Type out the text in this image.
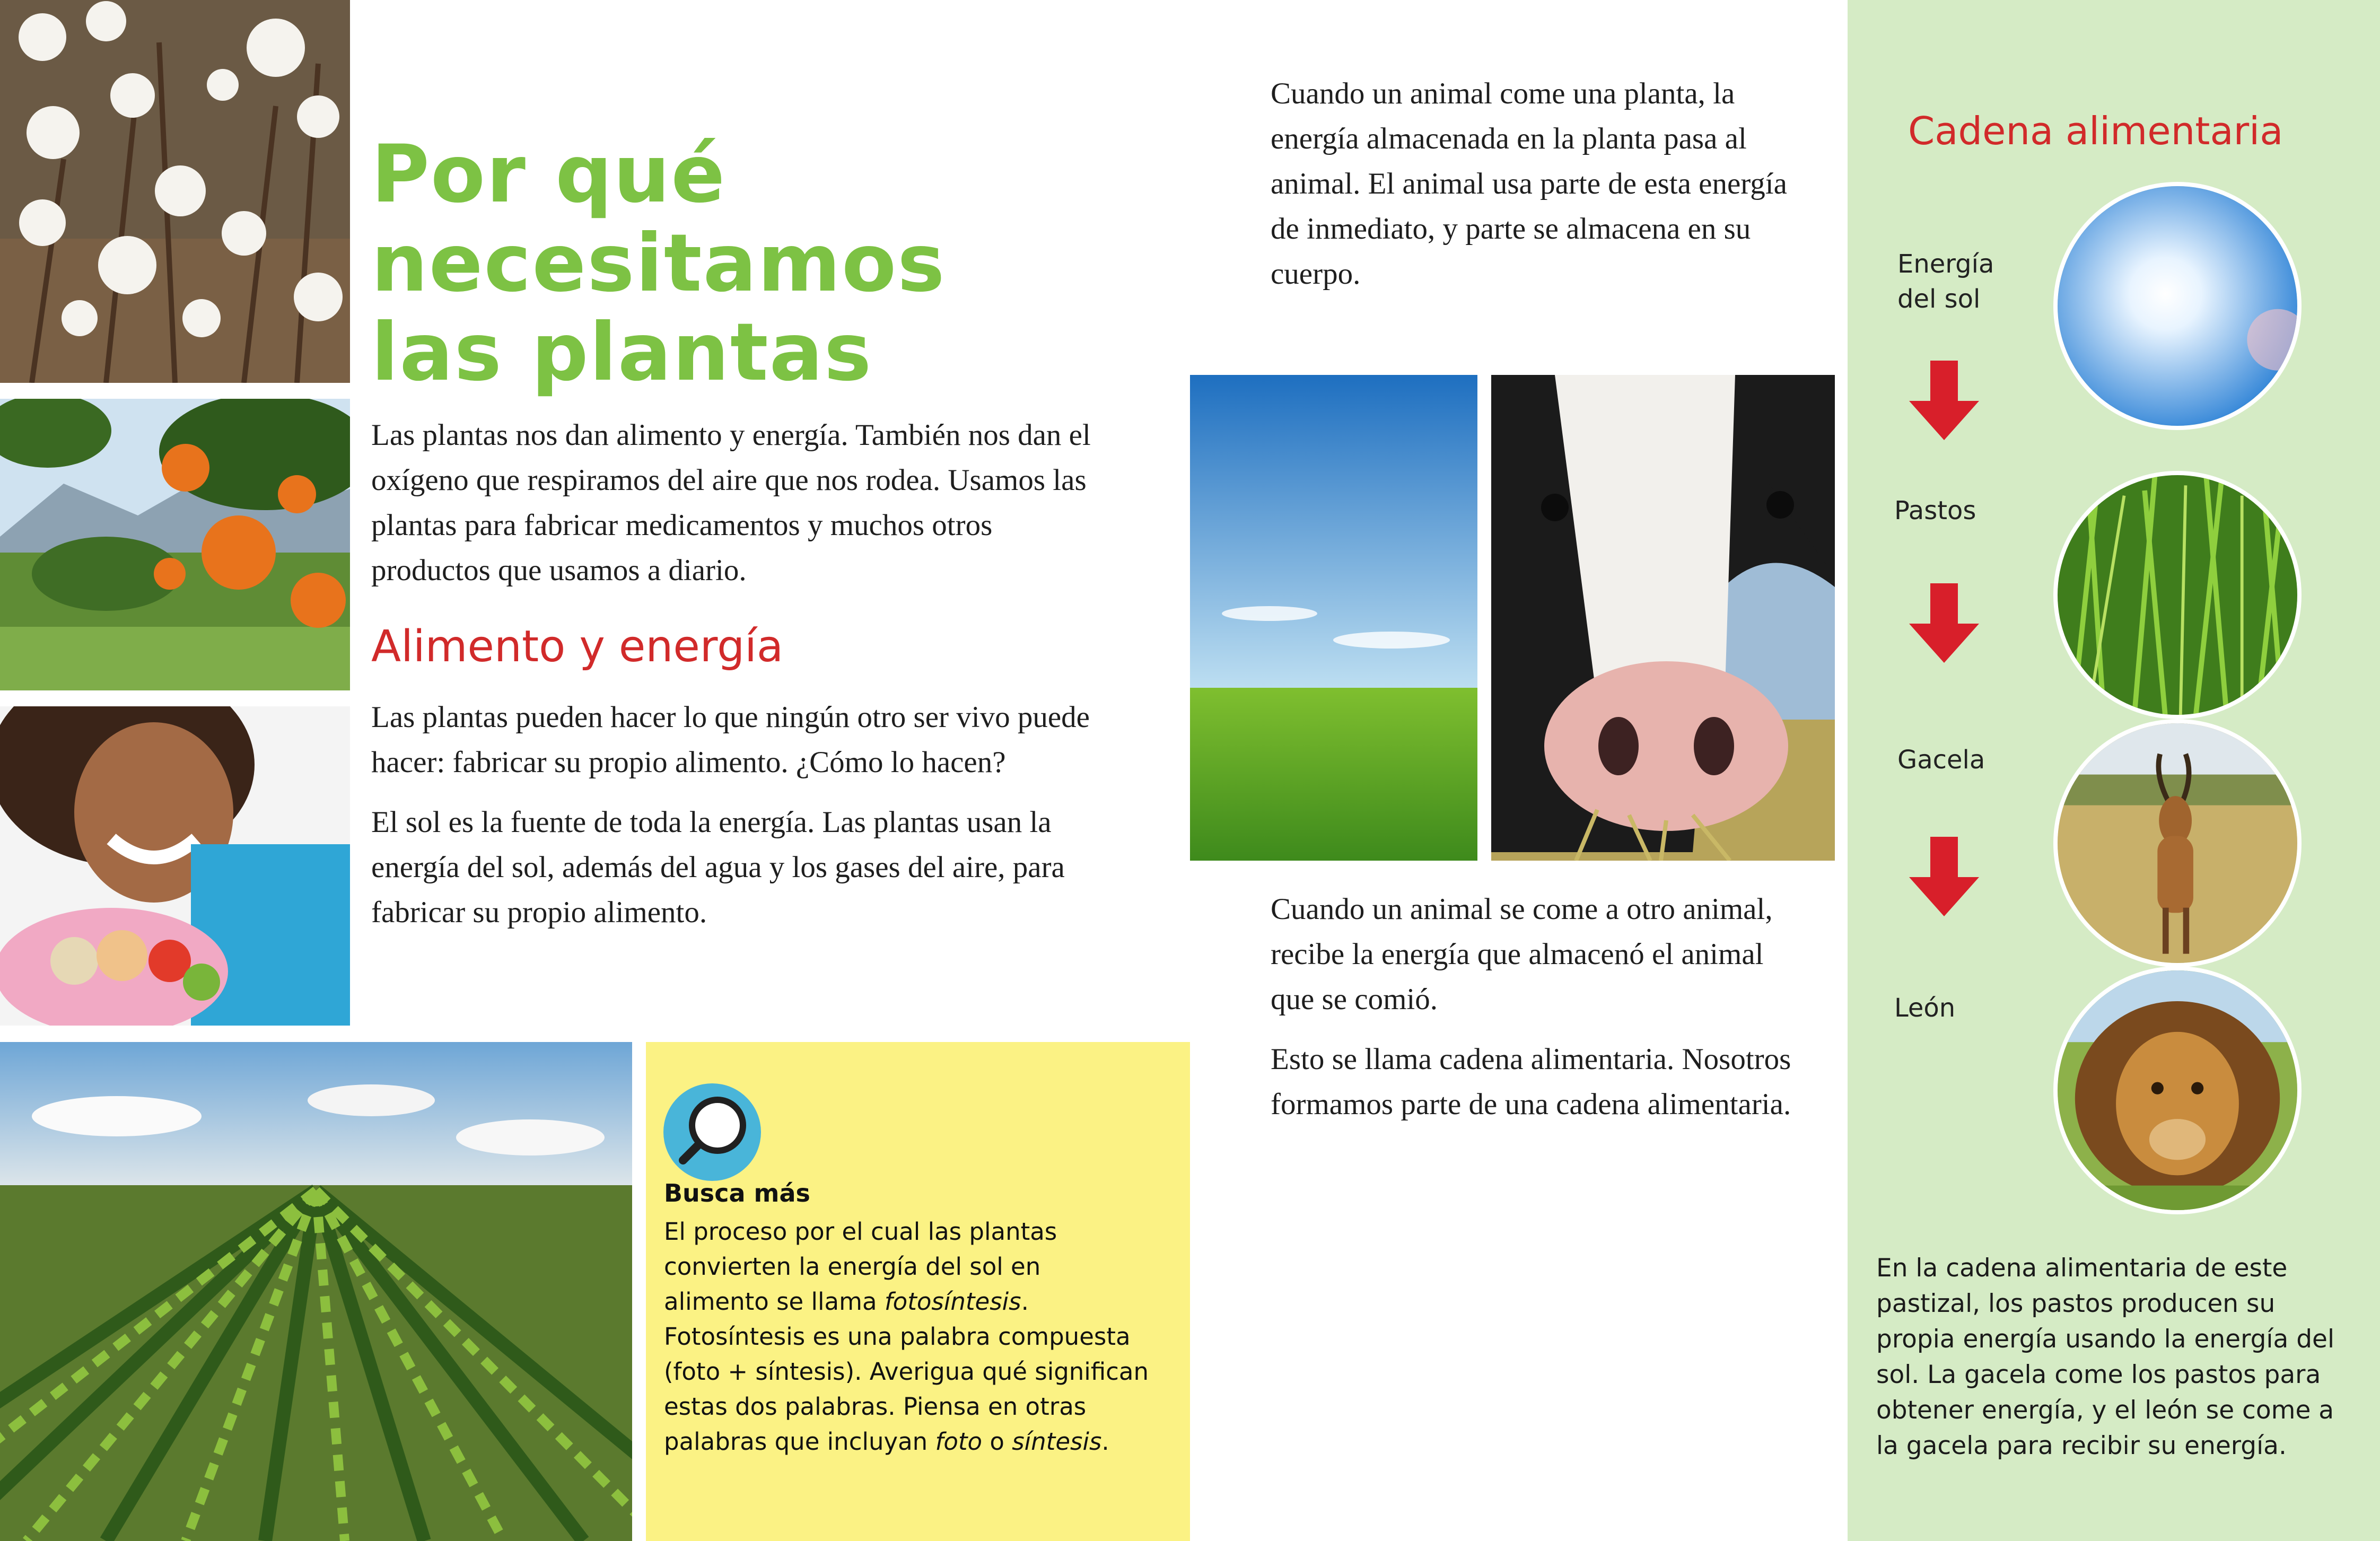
Por qué
necesitamos
las plantas

Las plantas nos dan alimento y energía. También nos dan el oxígeno que respiramos del aire que nos rodea. Usamos las plantas para fabricar medicamentos y muchos otros productos que usamos a diario.

Alimento y energía

Las plantas pueden hacer lo que ningún otro ser vivo puede hacer: fabricar su propio alimento. ¿Cómo lo hacen?

El sol es la fuente de toda la energía. Las plantas usan la energía del sol, además del agua y los gases del aire, para fabricar su propio alimento.

Busca más
El proceso por el cual las plantas convierten la energía del sol en alimento se llama fotosíntesis. Fotosíntesis es una palabra compuesta (foto + síntesis). Averigua qué significan estas dos palabras. Piensa en otras palabras que incluyan foto o síntesis.
Cuando un animal come una planta, la energía almacenada en la planta pasa al animal. El animal usa parte de esta energía de inmediato, y parte se almacena en su cuerpo.

Cuando un animal se come a otro animal, recibe la energía que almacenó el animal que se comió.

Esto se llama cadena alimentaria. Nosotros formamos parte de una cadena alimentaria.

Cadena alimentaria
Energía
del sol
Pastos
Gacela
León
En la cadena alimentaria de este pastizal, los pastos producen su propia energía usando la energía del sol. La gacela come los pastos para obtener energía, y el león se come a la gacela para recibir su energía.
